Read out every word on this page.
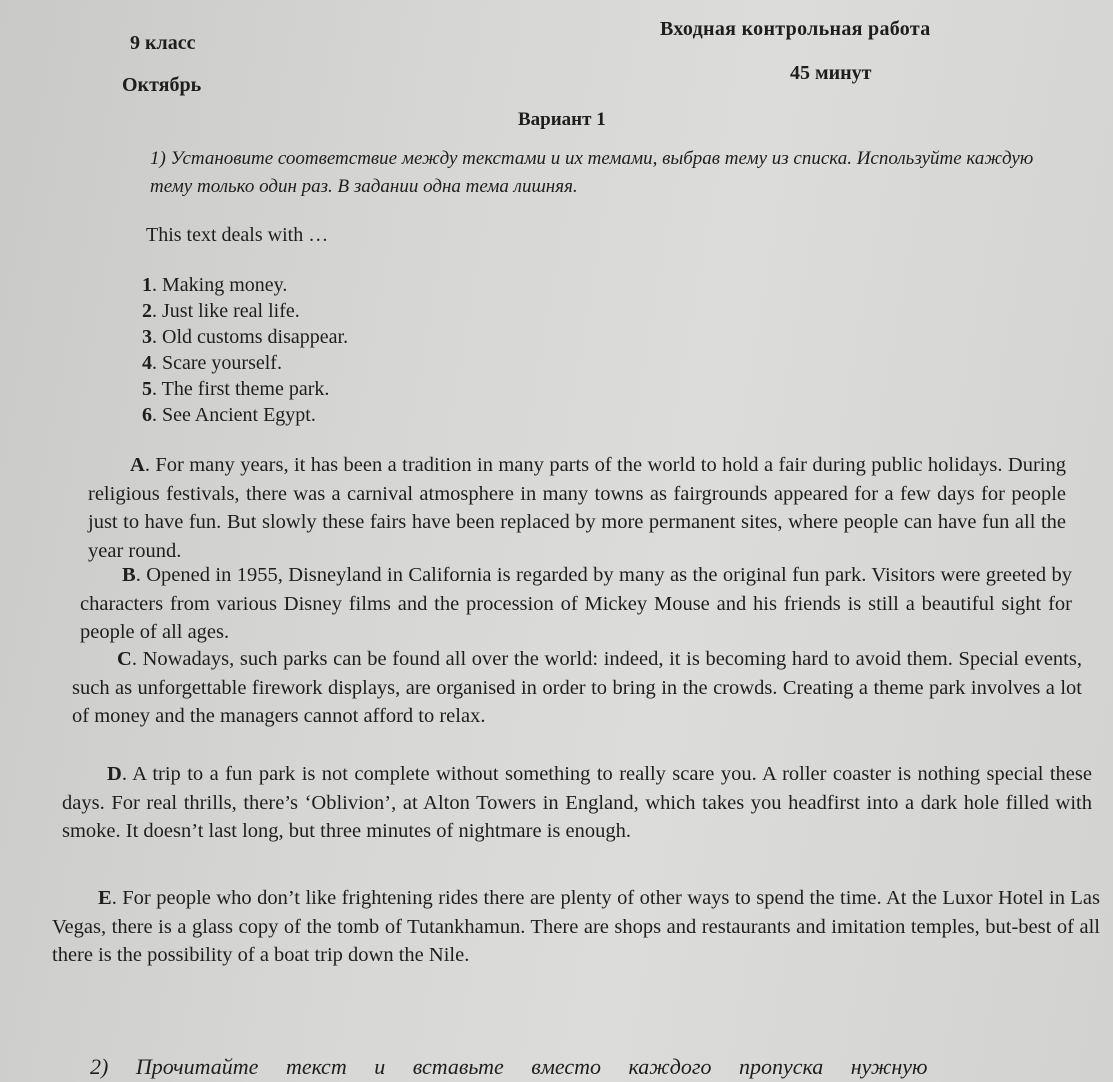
9 класс
Входная контрольная работа
Октябрь
45 минут
Вариант 1
1) Установите соответствие между текстами и их темами, выбрав тему из списка. Используйте каждую тему только один раз. В задании одна тема лишняя.
This text deals with …
1. Making money.
2. Just like real life.
3. Old customs disappear.
4. Scare yourself.
5. The first theme park.
6. See Ancient Egypt.
A. For many years, it has been a tradition in many parts of the world to hold a fair during public holidays. During religious festivals, there was a carnival atmosphere in many towns as fairgrounds appeared for a few days for people just to have fun. But slowly these fairs have been replaced by more permanent sites, where people can have fun all the year round.
B. Opened in 1955, Disneyland in California is regarded by many as the original fun park. Visitors were greeted by characters from various Disney films and the procession of Mickey Mouse and his friends is still a beautiful sight for people of all ages.
C. Nowadays, such parks can be found all over the world: indeed, it is becoming hard to avoid them. Special events, such as unforgettable firework displays, are organised in order to bring in the crowds. Creating a theme park involves a lot of money and the managers cannot afford to relax.
D. A trip to a fun park is not complete without something to really scare you. A roller coaster is nothing special these days. For real thrills, there’s ‘Oblivion’, at Alton Towers in England, which takes you headfirst into a dark hole filled with smoke. It doesn’t last long, but three minutes of nightmare is enough.
E. For people who don’t like frightening rides there are plenty of other ways to spend the time. At the Luxor Hotel in Las Vegas, there is a glass copy of the tomb of Tutankhamun. There are shops and restaurants and imitation temples, but-best of all there is the possibility of a boat trip down the Nile.
2) Прочитайте текст и вставьте вместо каждого пропуска нужную
